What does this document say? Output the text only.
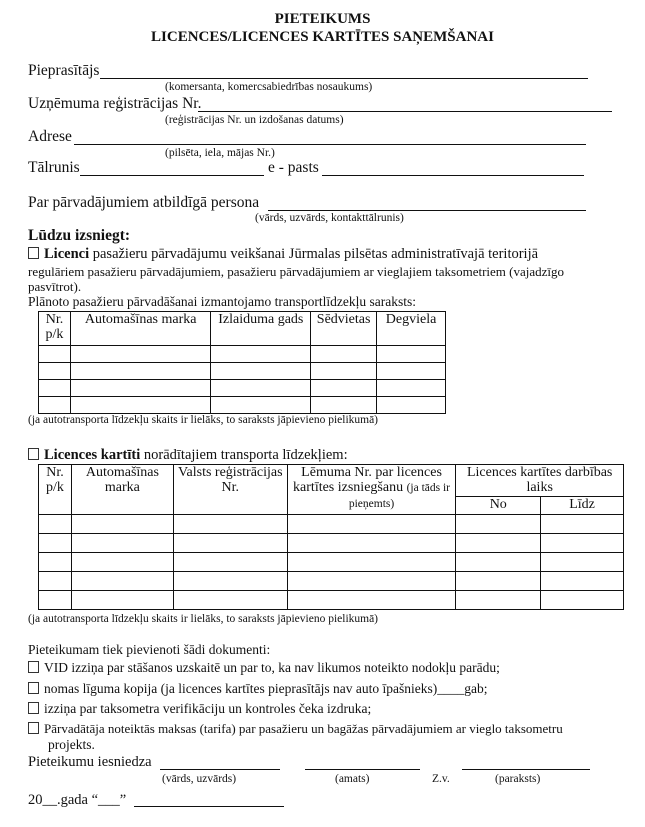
PIETEIKUMS
LICENCES/LICENCES KARTĪTES SAŅEMŠANAI
Pieprasītājs
(komersanta, komercsabiedrības nosaukums)
Uzņēmuma reģistrācijas Nr.
(reģistrācijas Nr. un izdošanas datums)
Adrese
(pilsēta, iela, mājas Nr.)
Tālrunis	e - pasts
Par pārvadājumiem atbildīgā persona
(vārds, uzvārds, kontakttālrunis)
Lūdzu izsniegt:
Licenci pasažieru pārvadājumu veikšanai Jūrmalas pilsētas administratīvajā teritorijā
regulāriem pasažieru pārvadājumiem, pasažieru pārvadājumiem ar vieglajiem taksometriem (vajadzīgo
pasvītrot).
Plānoto pasažieru pārvadāšanai izmantojamo transportlīdzekļu saraksts:
Nr. p/k	Automašīnas marka	Izlaiduma gads	Sēdvietas	Degviela

(ja autotransporta līdzekļu skaits ir lielāks, to saraksts jāpievieno pielikumā)
Licences kartīti norādītajiem transporta līdzekļiem:
Nr. p/k	Automašīnas marka	Valsts reģistrācijas Nr.	Lēmuma Nr. par licences kartītes izsniegšanu (ja tāds ir pieņemts)	Licences kartītes darbības laiks	
				No	Līdz

(ja autotransporta līdzekļu skaits ir lielāks, to saraksts jāpievieno pielikumā)
Pieteikumam tiek pievienoti šādi dokumenti:
VID izziņa par stāšanos uzskaitē un par to, ka nav likumos noteikto nodokļu parādu;
nomas līguma kopija (ja licences kartītes pieprasītājs nav auto īpašnieks)____gab;
izziņa par taksometra verifikāciju un kontroles čeka izdruka;
Pārvadātāja noteiktās maksas (tarifa) par pasažieru un bagāžas pārvadājumiem ar vieglo taksometru
projekts.
Pieteikumu iesniedza
(vārds, uzvārds)	(amats)	Z.v.	(paraksts)
20__.gada “___”
